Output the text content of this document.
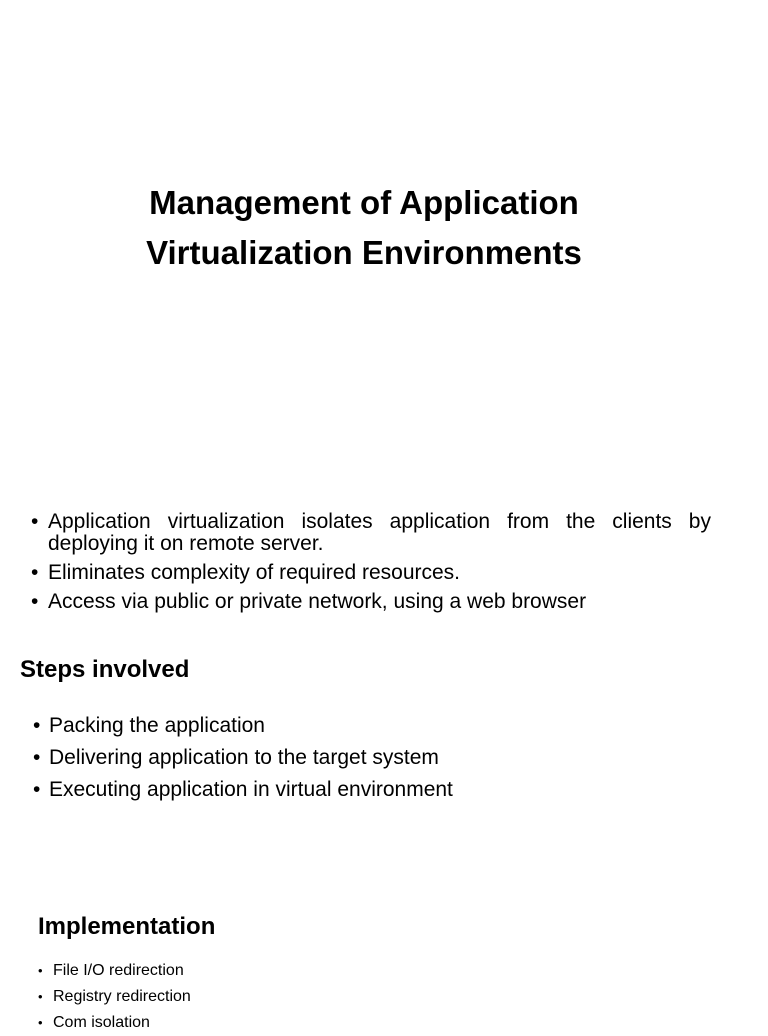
Management of Application
Virtualization Environments
• Application virtualization isolates application from the clients by deploying it on remote server.
• Eliminates complexity of required resources.
• Access via public or private network, using a web browser
Steps involved
• Packing the application
• Delivering application to the target system
• Executing application in virtual environment
Implementation
• File I/O redirection
• Registry redirection
• Com isolation
